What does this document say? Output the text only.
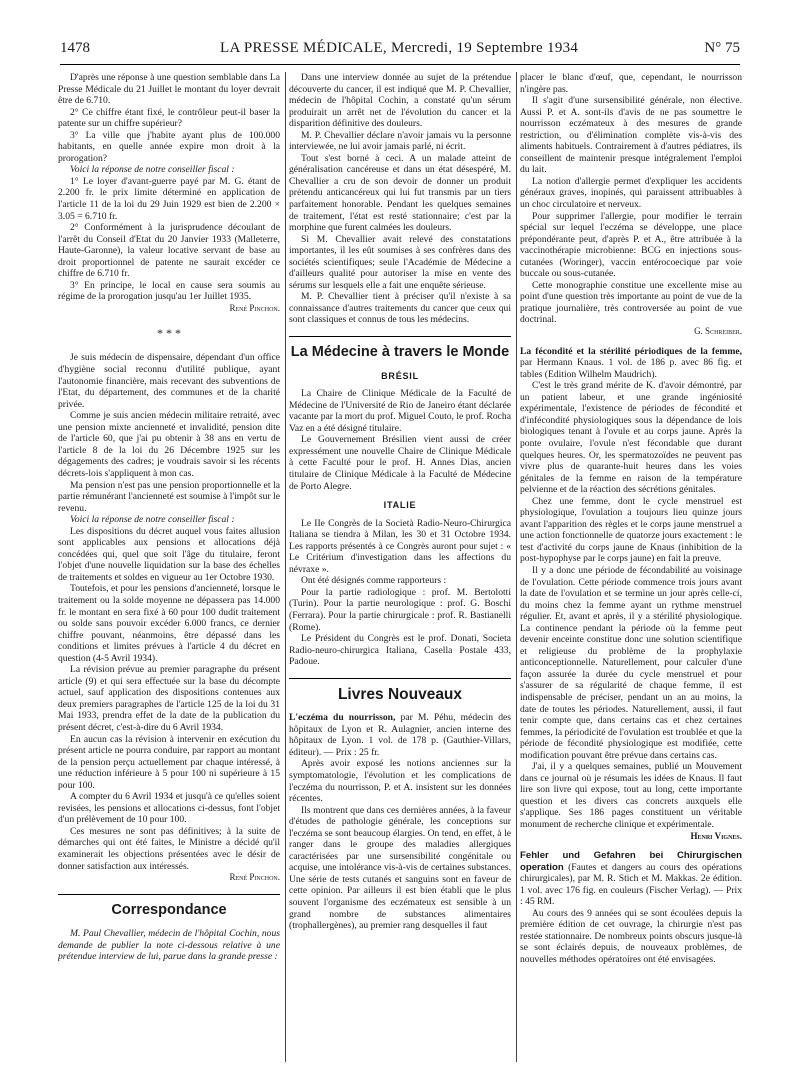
1478	LA PRESSE MÉDICALE, Mercredi, 19 Septembre 1934	N° 75

D'après une réponse à une question semblable dans La Presse Médicale du 21 Juillet le montant du loyer devrait être de 6.710.

2° Ce chiffre étant fixé, le contrôleur peut-il baser la patente sur un chiffre supérieur?

3° La ville que j'habite ayant plus de 100.000 habitants, en quelle année expire mon droit à la prorogation?

Voici la réponse de notre conseiller fiscal :

1° Le loyer d'avant-guerre payé par M. G. étant de 2.200 fr. le prix limite déterminé en application de l'article 11 de la loi du 29 Juin 1929 est bien de 2.200 × 3.05 = 6.710 fr.

2° Conformément à la jurisprudence découlant de l'arrêt du Conseil d'Etat du 20 Janvier 1933 (Malleterre, Haute-Garonne), la valeur locative servant de base au droit proportionnel de patente ne saurait excéder ce chiffre de 6.710 fr.

3° En principe, le local en cause sera soumis au régime de la prorogation jusqu'au 1er Juillet 1935.

René Pinchon.

* * *

Je suis médecin de dispensaire, dépendant d'un office d'hygiène social reconnu d'utilité publique, ayant l'autonomie financière, mais recevant des subventions de l'Etat, du département, des communes et de la charité privée.

Comme je suis ancien médecin militaire retraité, avec une pension mixte ancienneté et invalidité, pension dite de l'article 60, que j'ai pu obtenir à 38 ans en vertu de l'article 8 de la loi du 26 Décembre 1925 sur les dégagements des cadres; je voudrais savoir si les récents décrets-lois s'appliquent à mon cas.

Ma pension n'est pas une pension proportionnelle et la partie rémunérant l'ancienneté est soumise à l'impôt sur le revenu.

Voici la réponse de notre conseiller fiscal :

Les dispositions du décret auquel vous faites allusion sont applicables aux pensions et allocations déjà concédées qui, quel que soit l'âge du titulaire, feront l'objet d'une nouvelle liquidation sur la base des échelles de traitements et soldes en vigueur au 1er Octobre 1930.

Toutefois, et pour les pensions d'ancienneté, lorsque le traitement ou la solde moyenne ne dépassera pas 14.000 fr. le montant en sera fixé à 60 pour 100 dudit traitement ou solde sans pouvoir excéder 6.000 francs, ce dernier chiffre pouvant, néanmoins, être dépassé dans les conditions et limites prévues à l'article 4 du décret en question (4-5 Avril 1934).

La révision prévue au premier paragraphe du présent article (9) et qui sera effectuée sur la base du décompte actuel, sauf application des dispositions contenues aux deux premiers paragraphes de l'article 125 de la loi du 31 Mai 1933, prendra effet de la date de la publication du présent décret, c'est-à-dire du 6 Avril 1934.

En aucun cas la révision à intervenir en exécution du présent article ne pourra conduire, par rapport au montant de la pension perçu actuellement par chaque intéressé, à une réduction inférieure à 5 pour 100 ni supérieure à 15 pour 100.

A compter du 6 Avril 1934 et jusqu'à ce qu'elles soient revisées, les pensions et allocations ci-dessus, font l'objet d'un prélèvement de 10 pour 100.

Ces mesures ne sont pas définitives; à la suite de démarches qui ont été faites, le Ministre a décidé qu'il examinerait les objections présentées avec le désir de donner satisfaction aux intéressés.

René Pinchon.

Correspondance

M. Paul Chevallier, médecin de l'hôpital Cochin, nous demande de publier la note ci-dessous relative à une prétendue interview de lui, parue dans la grande presse :

Dans une interview donnée au sujet de la prétendue découverte du cancer, il est indiqué que M. P. Chevallier, médecin de l'hôpital Cochin, a constaté qu'un sérum produirait un arrêt net de l'évolution du cancer et la disparition définitive des douleurs.

M. P. Chevallier déclare n'avoir jamais vu la personne interviewée, ne lui avoir jamais parlé, ni écrit.

Tout s'est borné à ceci. A un malade atteint de généralisation cancéreuse et dans un état désespéré, M. Chevallier a cru de son devoir de donner un produit prétendu anticancéreux qui lui fut transmis par un tiers parfaitement honorable. Pendant les quelques semaines de traitement, l'état est resté stationnaire; c'est par la morphine que furent calmées les douleurs.

Si M. Chevallier avait relevé des constatations importantes, il les eût soumises à ses confrères dans des sociétés scientifiques; seule l'Académie de Médecine a d'ailleurs qualité pour autoriser la mise en vente des sérums sur lesquels elle a fait une enquête sérieuse.

M. P. Chevallier tient à préciser qu'il n'existe à sa connaissance d'autres traitements du cancer que ceux qui sont classiques et connus de tous les médecins.

La Médecine à travers le Monde
BRÉSIL

La Chaire de Clinique Médicale de la Faculté de Médecine de l'Université de Rio de Janeiro étant déclarée vacante par la mort du prof. Miguel Couto, le prof. Rocha Vaz en a été désigné titulaire.

Le Gouvernement Brésilien vient aussi de créer expressément une nouvelle Chaire de Clinique Médicale à cette Faculté pour le prof. H. Annes Dias, ancien titulaire de Clinique Médicale à la Faculté de Médecine de Porto Alegre.

ITALIE

Le IIe Congrès de la Società Radio-Neuro-Chirurgica Italiana se tiendra à Milan, les 30 et 31 Octobre 1934. Les rapports présentés à ce Congrès auront pour sujet : « Le Critérium d'investigation dans les affections du névraxe ».

Ont été désignés comme rapporteurs :

Pour la partie radiologique : prof. M. Bertolotti (Turin). Pour la partie neurologique : prof. G. Boschi (Ferrara). Pour la partie chirurgicale : prof. R. Bastianelli (Rome).

Le Président du Congrès est le prof. Donati, Societa Radio-neuro-chirurgica Italiana, Casella Postale 433, Padoue.

Livres Nouveaux

L'eczéma du nourrisson, par M. Péhu, médecin des hôpitaux de Lyon et R. Aulagnier, ancien interne des hôpitaux de Lyon. 1 vol. de 178 p. (Gauthier-Villars, éditeur). — Prix : 25 fr.

Après avoir exposé les notions anciennes sur la symptomatologie, l'évolution et les complications de l'eczéma du nourrisson, P. et A. insistent sur les données récentes.

Ils montrent que dans ces dernières années, à la faveur d'études de pathologie générale, les conceptions sur l'eczéma se sont beaucoup élargies. On tend, en effet, à le ranger dans le groupe des maladies allergiques caractérisées par une sursensibilité congénitale ou acquise, une intolérance vis-à-vis de certaines substances. Une série de tests cutanés et sanguins sont en faveur de cette opinion. Par ailleurs il est bien établi que le plus souvent l'organisme des eczémateux est sensible à un grand nombre de substances alimentaires (trophallergènes), au premier rang desquelles il faut

placer le blanc d'œuf, que, cependant, le nourrisson n'ingère pas.

Il s'agit d'une sursensibilité générale, non élective. Aussi P. et A. sont-ils d'avis de ne pas soumettre le nourrisson eczémateux à des mesures de grande restriction, ou d'élimination complète vis-à-vis des aliments habituels. Contrairement à d'autres pédiatres, ils conseillent de maintenir presque intégralement l'emploi du lait.

La notion d'allergie permet d'expliquer les accidents généraux graves, inopinés, qui paraissent attribuables à un choc circulatoire et nerveux.

Pour supprimer l'allergie, pour modifier le terrain spécial sur lequel l'eczéma se développe, une place prépondérante peut, d'après P. et A., être attribuée à la vaccinothérapie microbienne: BCG en injections sous-cutanées (Woringer), vaccin entérocoecique par voie buccale ou sous-cutanée.

Cette monographie constitue une excellente mise au point d'une question très importante au point de vue de la pratique journalière, très controversée au point de vue doctrinal.

G. Schreiber.

La fécondité et la stérilité périodiques de la femme, par Hermann Knaus. 1 vol. de 186 p. avec 86 fig. et tables (Edition Wilhelm Maudrich).

C'est le très grand mérite de K. d'avoir démontré, par un patient labeur, et une grande ingéniosité expérimentale, l'existence de périodes de fécondité et d'infécondité physiologiques sous la dépendance de lois biologiques tenant à l'ovule et au corps jaune. Après la ponte ovulaire, l'ovule n'est fécondable que durant quelques heures. Or, les spermatozoïdes ne peuvent pas vivre plus de quarante-huit heures dans les voies génitales de la femme en raison de la température pelvienne et de la réaction des sécrétions génitales.

Chez une femme, dont le cycle menstruel est physiologique, l'ovulation a toujours lieu quinze jours avant l'apparition des règles et le corps jaune menstruel a une action fonctionnelle de quatorze jours exactement : le test d'activité du corps jaune de Knaus (inhibition de la post-hypophyse par le corps jaune) en fait la preuve.

Il y a donc une période de fécondabilité au voisinage de l'ovulation. Cette période commence trois jours avant la date de l'ovulation et se termine un jour après celle-ci, du moins chez la femme ayant un rythme menstruel régulier. Et, avant et après, il y a stérilité physiologique. La continence pendant la période où la femme peut devenir enceinte constitue donc une solution scientifique et religieuse du problème de la prophylaxie anticonceptionnelle. Naturellement, pour calculer d'une façon assurée la durée du cycle menstruel et pour s'assurer de sa régularité de chaque femme, il est indispensable de préciser, pendant un an au moins, la date de toutes les périodes. Naturellement, aussi, il faut tenir compte que, dans certains cas et chez certaines femmes, la périodicité de l'ovulation est troublée et que la période de fécondité physiologique est modifiée, cette modification pouvant être prévue dans certains cas.

J'ai, il y a quelques semaines, publié un Mouvement dans ce journal où je résumais les idées de Knaus. Il faut lire son livre qui expose, tout au long, cette importante question et les divers cas concrets auxquels elle s'applique. Ses 186 pages constituent un véritable monument de recherche clinique et expérimentale.

Henri Vignes.

Fehler und Gefahren bei Chirurgischen operation (Fautes et dangers au cours des opérations chirurgicales), par M. R. Stich et M. Makkas. 2e édition. 1 vol. avec 176 fig. en couleurs (Fischer Verlag). — Prix : 45 RM.

Au cours des 9 années qui se sont écoulées depuis la première édition de cet ouvrage, la chirurgie n'est pas restée stationnaire. De nombreux points obscurs jusque-là se sont éclairés depuis, de nouveaux problèmes, de nouvelles méthodes opératoires ont été envisagées.
